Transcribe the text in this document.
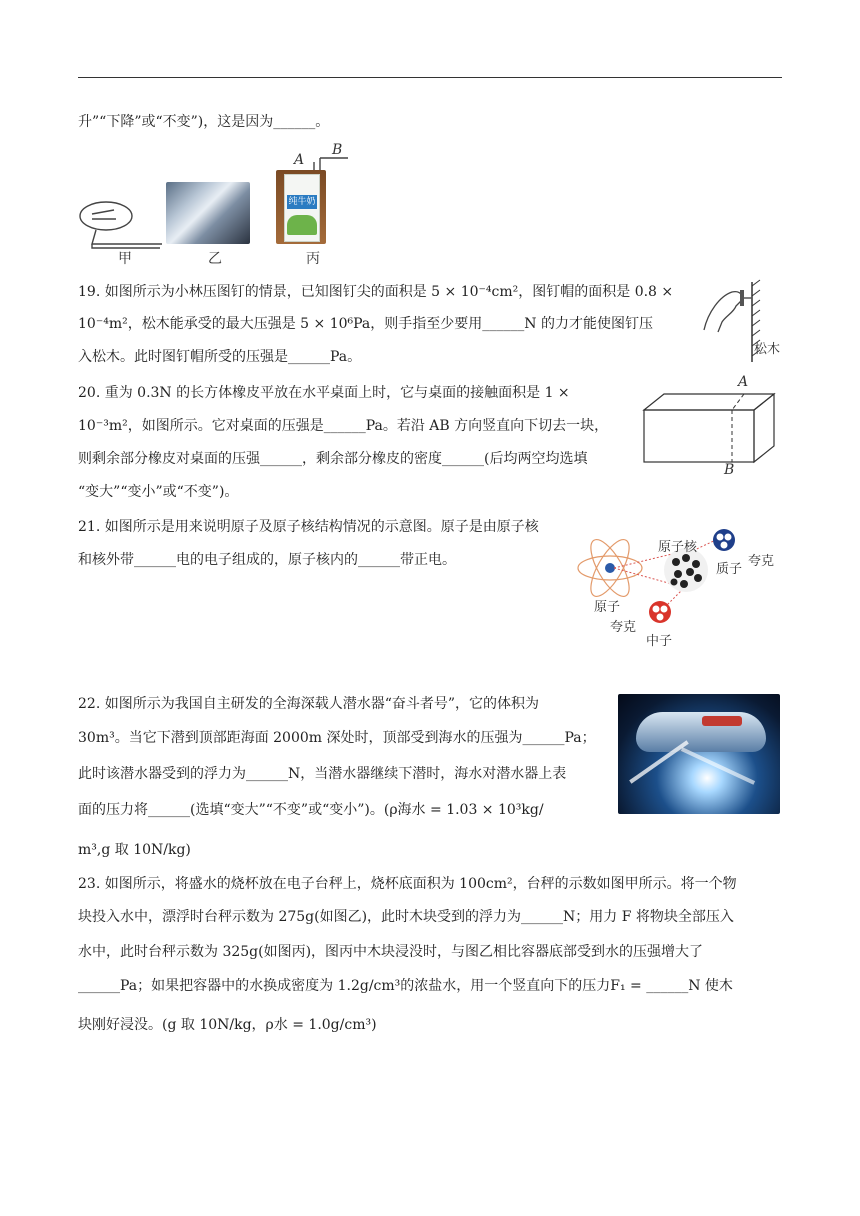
升”“下降”或“不变”)，这是因为______。
19. 如图所示为小林压图钉的情景，已知图钉尖的面积是 5 × 10⁻⁴cm²，图钉帽的面积是 0.8 ×
10⁻⁴m²，松木能承受的最大压强是 5 × 10⁶Pa，则手指至少要用______N 的力才能使图钉压
入松木。此时图钉帽所受的压强是______Pa。
20. 重为 0.3N 的长方体橡皮平放在水平桌面上时，它与桌面的接触面积是 1 ×
10⁻³m²，如图所示。它对桌面的压强是______Pa。若沿 AB 方向竖直向下切去一块，
则剩余部分橡皮对桌面的压强______，剩余部分橡皮的密度______(后均两空均选填
“变大”“变小”或“不变”)。
21. 如图所示是用来说明原子及原子核结构情况的示意图。原子是由原子核
和核外带______电的电子组成的，原子核内的______带正电。
22. 如图所示为我国自主研发的全海深载人潜水器“奋斗者号”，它的体积为
30m³。当它下潜到顶部距海面 2000m 深处时，顶部受到海水的压强为______Pa；
此时该潜水器受到的浮力为______N，当潜水器继续下潜时，海水对潜水器上表
面的压力将______(选填“变大”“不变”或“变小”)。(ρ海水 = 1.03 × 10³kg/
m³,g 取 10N/kg)
23. 如图所示，将盛水的烧杯放在电子台秤上，烧杯底面积为 100cm²，台秤的示数如图甲所示。将一个物
块投入水中，漂浮时台秤示数为 275g(如图乙)，此时木块受到的浮力为______N；用力 F 将物块全部压入
水中，此时台秤示数为 325g(如图丙)，图丙中木块浸没时，与图乙相比容器底部受到水的压强增大了
______Pa；如果把容器中的水换成密度为 1.2g/cm³的浓盐水，用一个竖直向下的压力F₁ = ______N 使木
块刚好浸没。(g 取 10N/kg，ρ水 = 1.0g/cm³)
纯牛奶
A
B
甲	乙	丙
松木
A
B
原子核
质子
夸克
原子
夸克
中子
